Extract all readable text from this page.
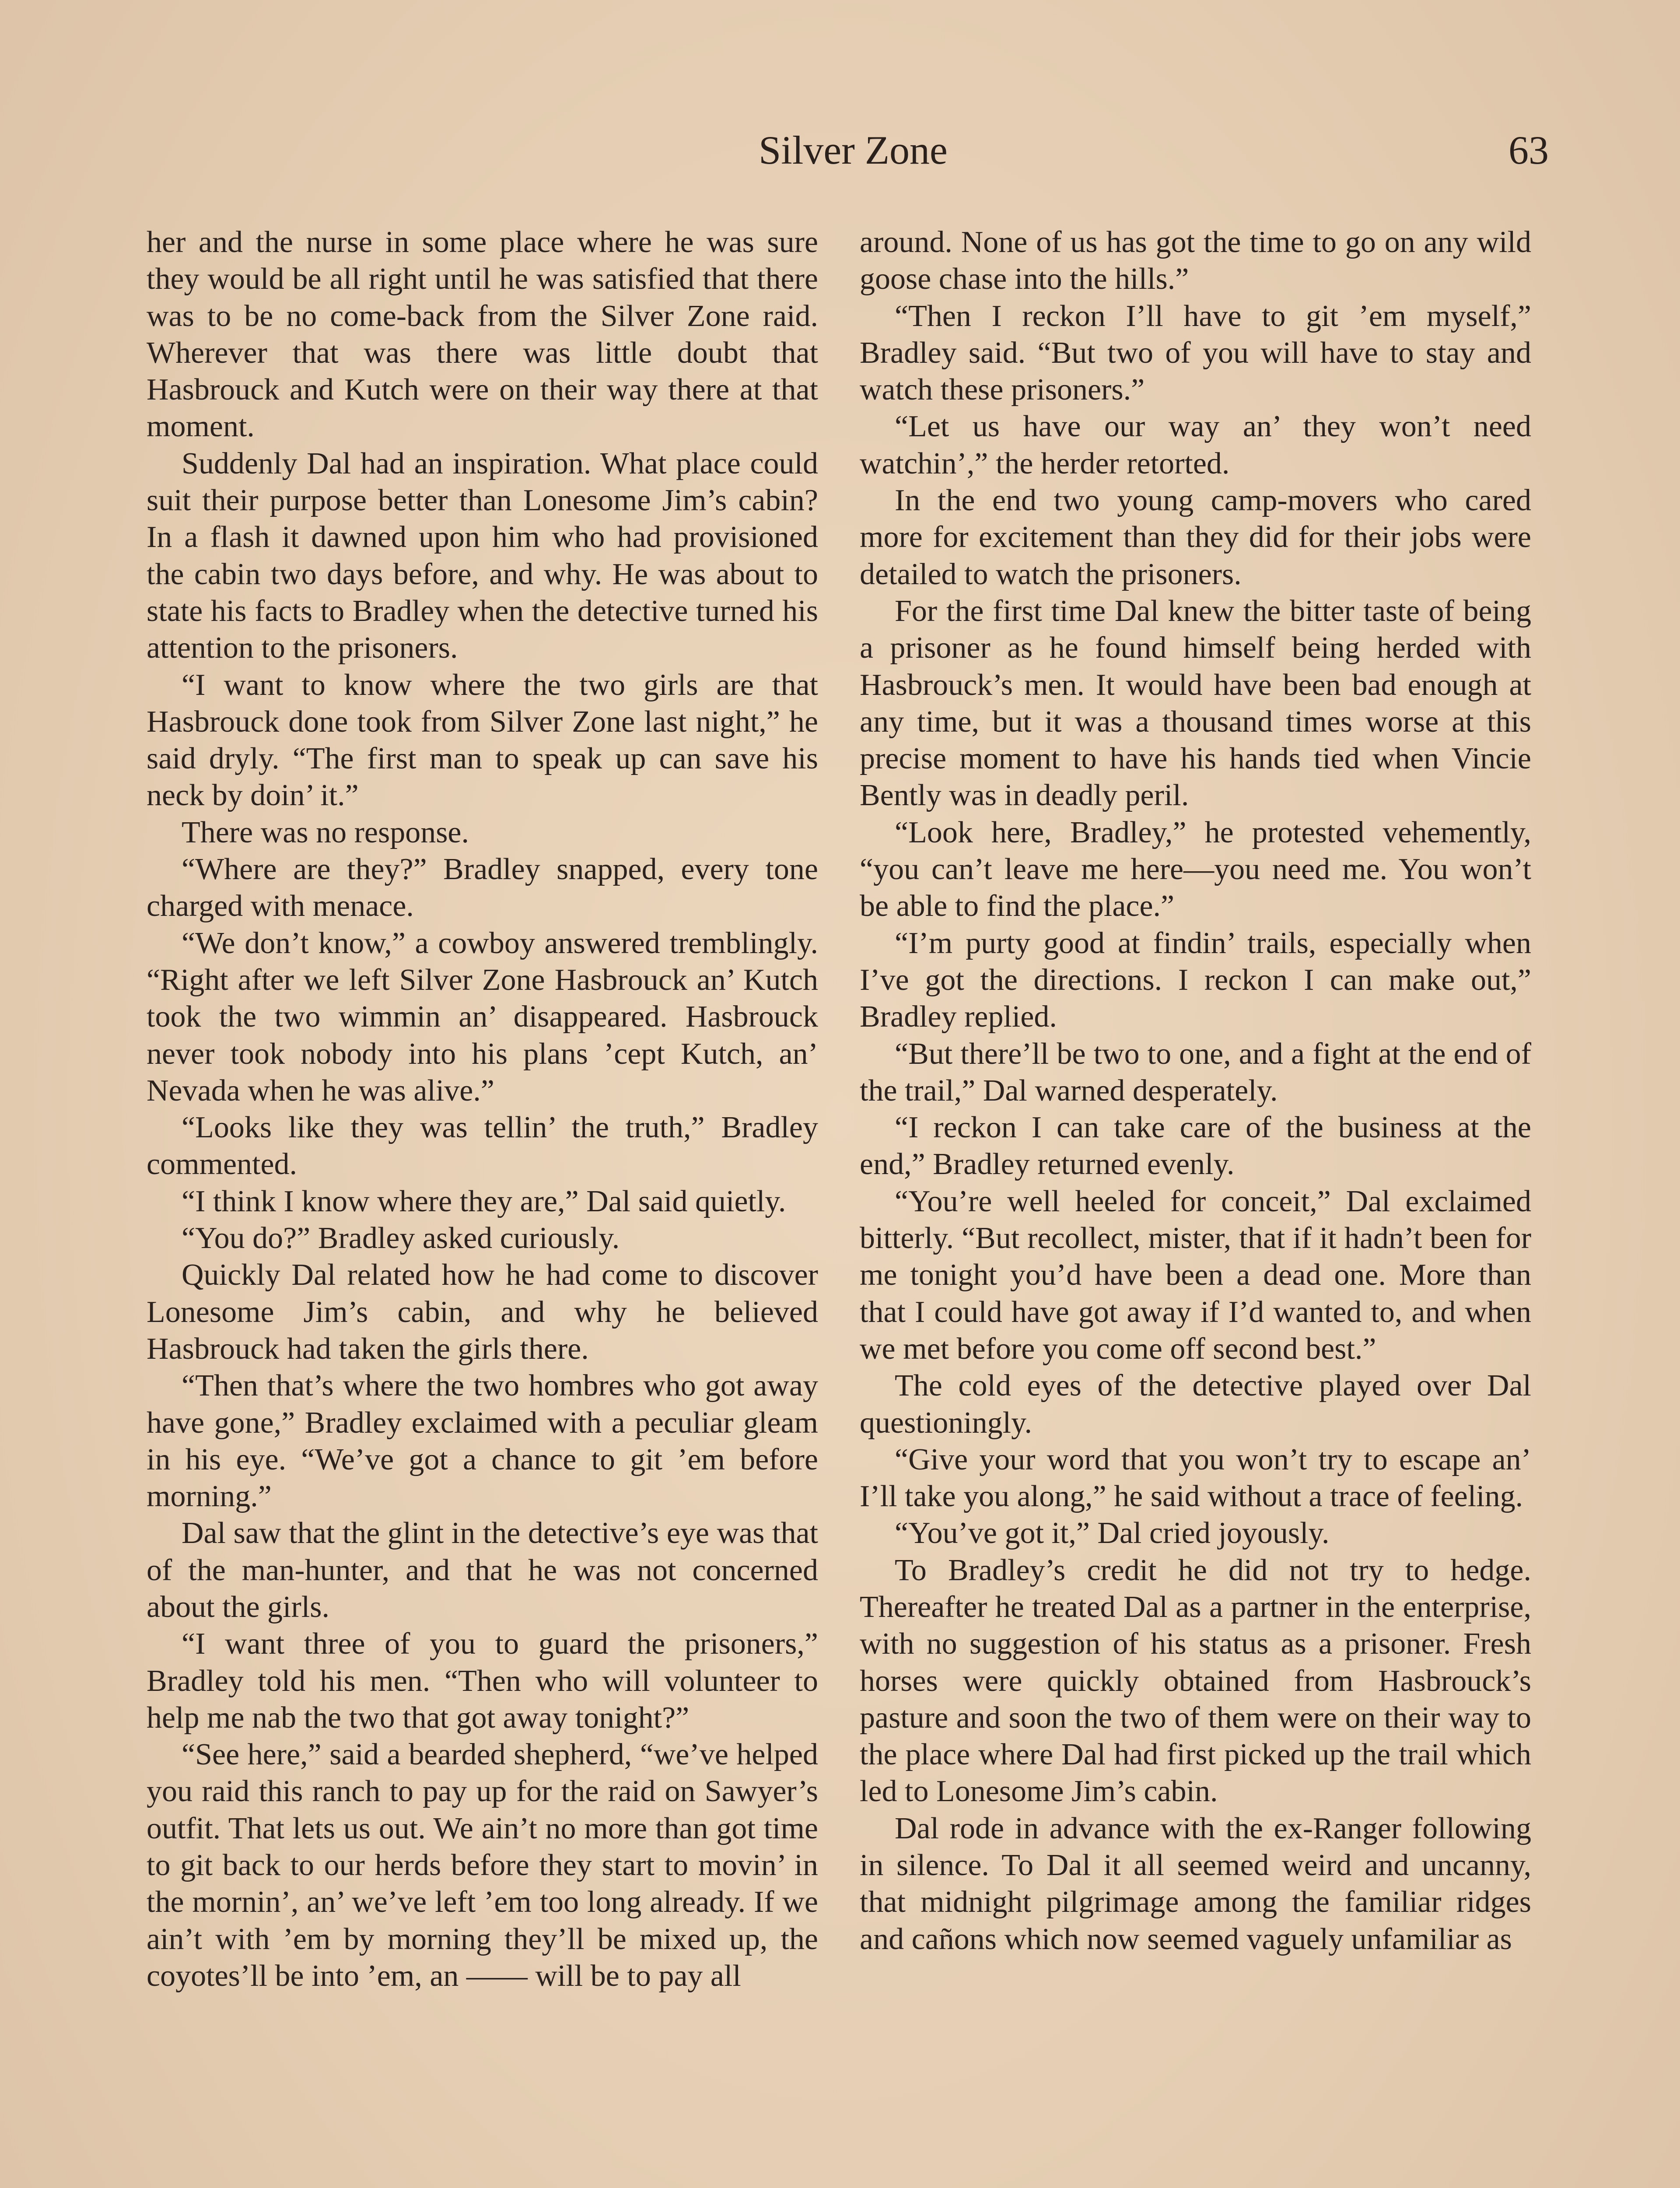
Silver Zone	63

her and the nurse in some place where he was sure they would be all right until he was satisfied that there was to be no come-back from the Silver Zone raid. Wherever that was there was little doubt that Hasbrouck and Kutch were on their way there at that moment.

Suddenly Dal had an inspiration. What place could suit their purpose better than Lonesome Jim’s cabin? In a flash it dawned upon him who had provisioned the cabin two days before, and why. He was about to state his facts to Bradley when the detective turned his attention to the prisoners.

“I want to know where the two girls are that Hasbrouck done took from Silver Zone last night,” he said dryly. “The first man to speak up can save his neck by doin’ it.”

There was no response.

“Where are they?” Bradley snapped, every tone charged with menace.

“We don’t know,” a cowboy answered tremblingly. “Right after we left Silver Zone Hasbrouck an’ Kutch took the two wimmin an’ disappeared. Hasbrouck never took nobody into his plans ’cept Kutch, an’ Nevada when he was alive.”

“Looks like they was tellin’ the truth,” Bradley commented.

“I think I know where they are,” Dal said quietly.

“You do?” Bradley asked curiously.

Quickly Dal related how he had come to discover Lonesome Jim’s cabin, and why he believed Hasbrouck had taken the girls there.

“Then that’s where the two hombres who got away have gone,” Bradley exclaimed with a peculiar gleam in his eye. “We’ve got a chance to git ’em before morning.”

Dal saw that the glint in the detective’s eye was that of the man-hunter, and that he was not concerned about the girls.

“I want three of you to guard the prisoners,” Bradley told his men. “Then who will volunteer to help me nab the two that got away tonight?”

“See here,” said a bearded shepherd, “we’ve helped you raid this ranch to pay up for the raid on Sawyer’s outfit. That lets us out. We ain’t no more than got time to git back to our herds before they start to movin’ in the mornin’, an’ we’ve left ’em too long already. If we ain’t with ’em by morning they’ll be mixed up, the coyotes’ll be into ’em, an —— will be to pay all

around. None of us has got the time to go on any wild goose chase into the hills.”

“Then I reckon I’ll have to git ’em myself,” Bradley said. “But two of you will have to stay and watch these prisoners.”

“Let us have our way an’ they won’t need watchin’,” the herder retorted.

In the end two young camp-movers who cared more for excitement than they did for their jobs were detailed to watch the prisoners.

For the first time Dal knew the bitter taste of being a prisoner as he found himself being herded with Hasbrouck’s men. It would have been bad enough at any time, but it was a thousand times worse at this precise moment to have his hands tied when Vincie Bently was in deadly peril.

“Look here, Bradley,” he protested vehemently, “you can’t leave me here—you need me. You won’t be able to find the place.”

“I’m purty good at findin’ trails, especially when I’ve got the directions. I reckon I can make out,” Bradley replied.

“But there’ll be two to one, and a fight at the end of the trail,” Dal warned desperately.

“I reckon I can take care of the business at the end,” Bradley returned evenly.

“You’re well heeled for conceit,” Dal exclaimed bitterly. “But recollect, mister, that if it hadn’t been for me tonight you’d have been a dead one. More than that I could have got away if I’d wanted to, and when we met before you come off second best.”

The cold eyes of the detective played over Dal questioningly.

“Give your word that you won’t try to escape an’ I’ll take you along,” he said without a trace of feeling.

“You’ve got it,” Dal cried joyously.

To Bradley’s credit he did not try to hedge. Thereafter he treated Dal as a partner in the enterprise, with no suggestion of his status as a prisoner. Fresh horses were quickly obtained from Hasbrouck’s pasture and soon the two of them were on their way to the place where Dal had first picked up the trail which led to Lonesome Jim’s cabin.

Dal rode in advance with the ex-Ranger following in silence. To Dal it all seemed weird and uncanny, that midnight pilgrimage among the familiar ridges and cañons which now seemed vaguely unfamiliar as
